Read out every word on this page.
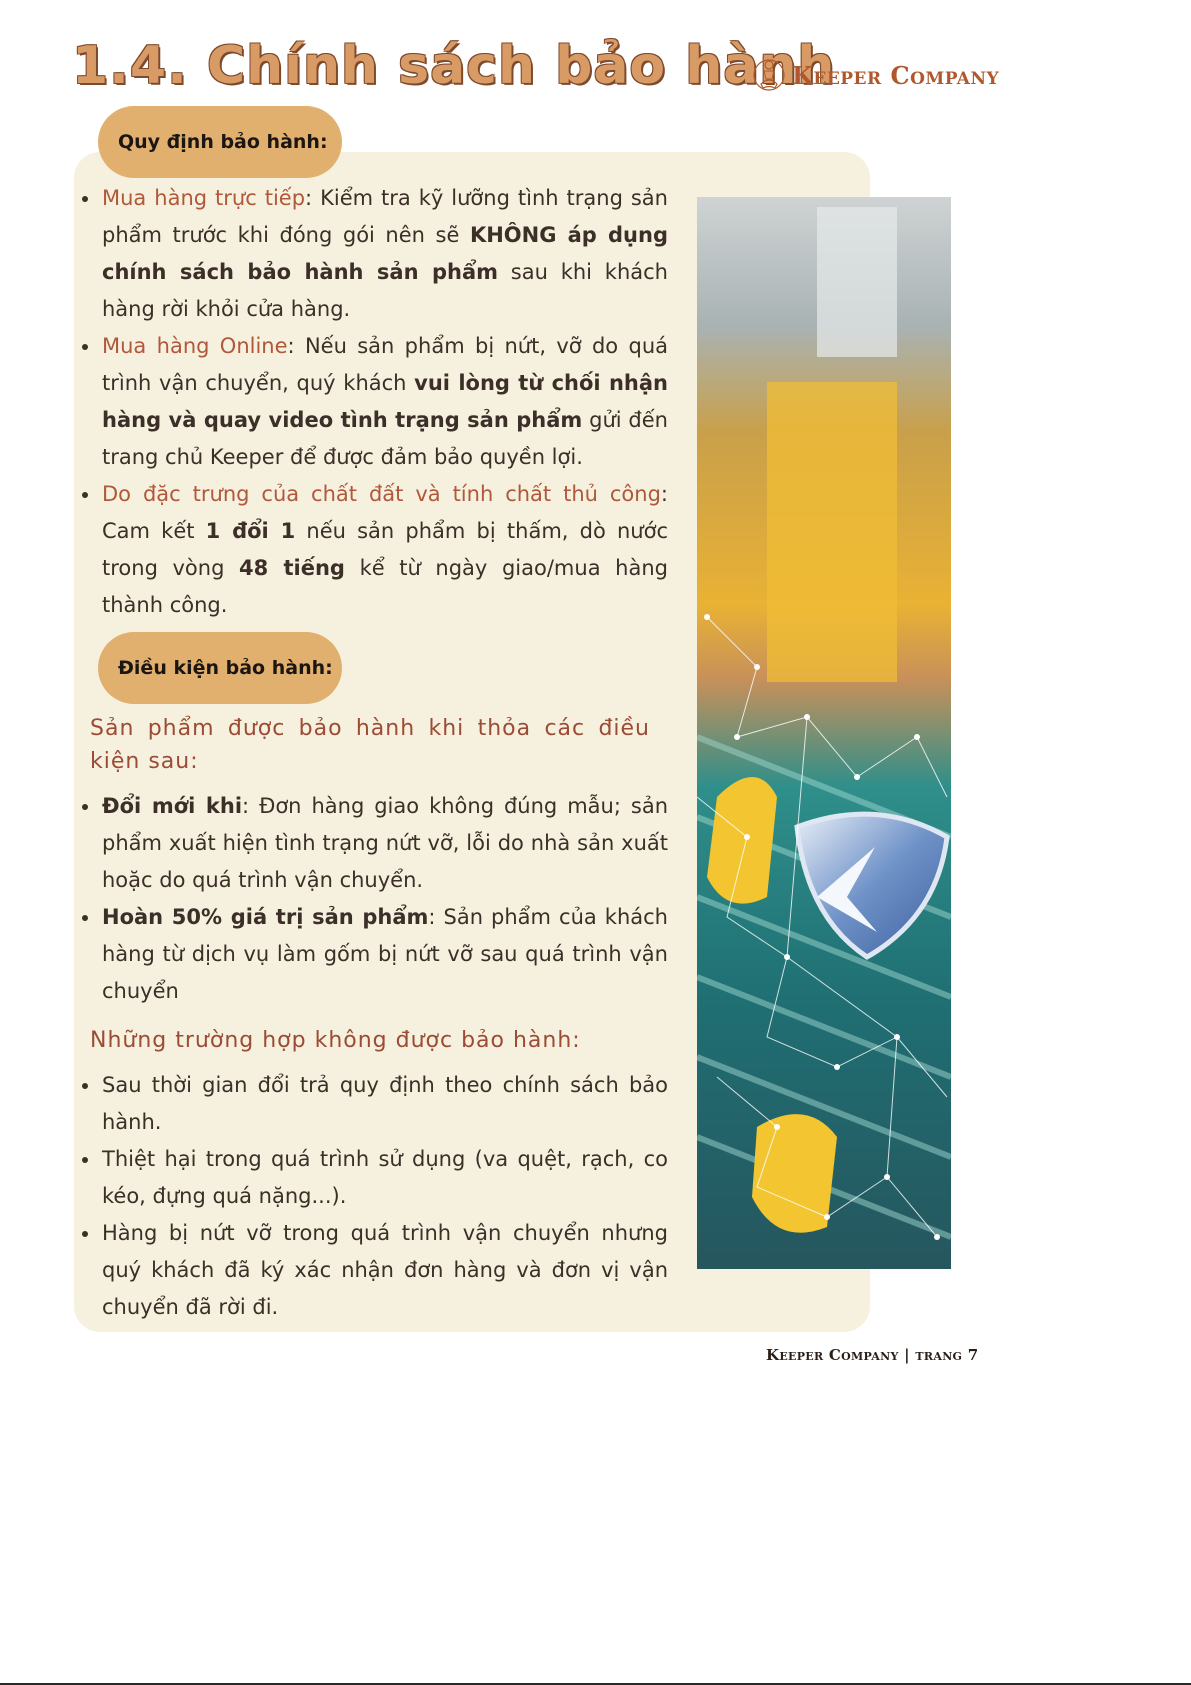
1.4. Chính sách bảo hành
Keeper Company
Quy định bảo hành:
Mua hàng trực tiếp: Kiểm tra kỹ lưỡng tình trạng sản phẩm trước khi đóng gói nên sẽ KHÔNG áp dụng chính sách bảo hành sản phẩm sau khi khách hàng rời khỏi cửa hàng.
Mua hàng Online: Nếu sản phẩm bị nứt, vỡ do quá trình vận chuyển, quý khách vui lòng từ chối nhận hàng và quay video tình trạng sản phẩm gửi đến trang chủ Keeper để được đảm bảo quyền lợi.
Do đặc trưng của chất đất và tính chất thủ công: Cam kết 1 đổi 1 nếu sản phẩm bị thấm, dò nước trong vòng 48 tiếng kể từ ngày giao/mua hàng thành công.
Điều kiện bảo hành:
Sản phẩm được bảo hành khi thỏa các điều kiện sau:
Đổi mới khi: Đơn hàng giao không đúng mẫu; sản phẩm xuất hiện tình trạng nứt vỡ, lỗi do nhà sản xuất hoặc do quá trình vận chuyển.
Hoàn 50% giá trị sản phẩm: Sản phẩm của khách hàng từ dịch vụ làm gốm bị nứt vỡ sau quá trình vận chuyển
Những trường hợp không được bảo hành:
Sau thời gian đổi trả quy định theo chính sách bảo hành.
Thiệt hại trong quá trình sử dụng (va quệt, rạch, co kéo, đựng quá nặng...).
Hàng bị nứt vỡ trong quá trình vận chuyển nhưng quý khách đã ký xác nhận đơn hàng và đơn vị vận chuyển đã rời đi.
Keeper Company | trang 7
